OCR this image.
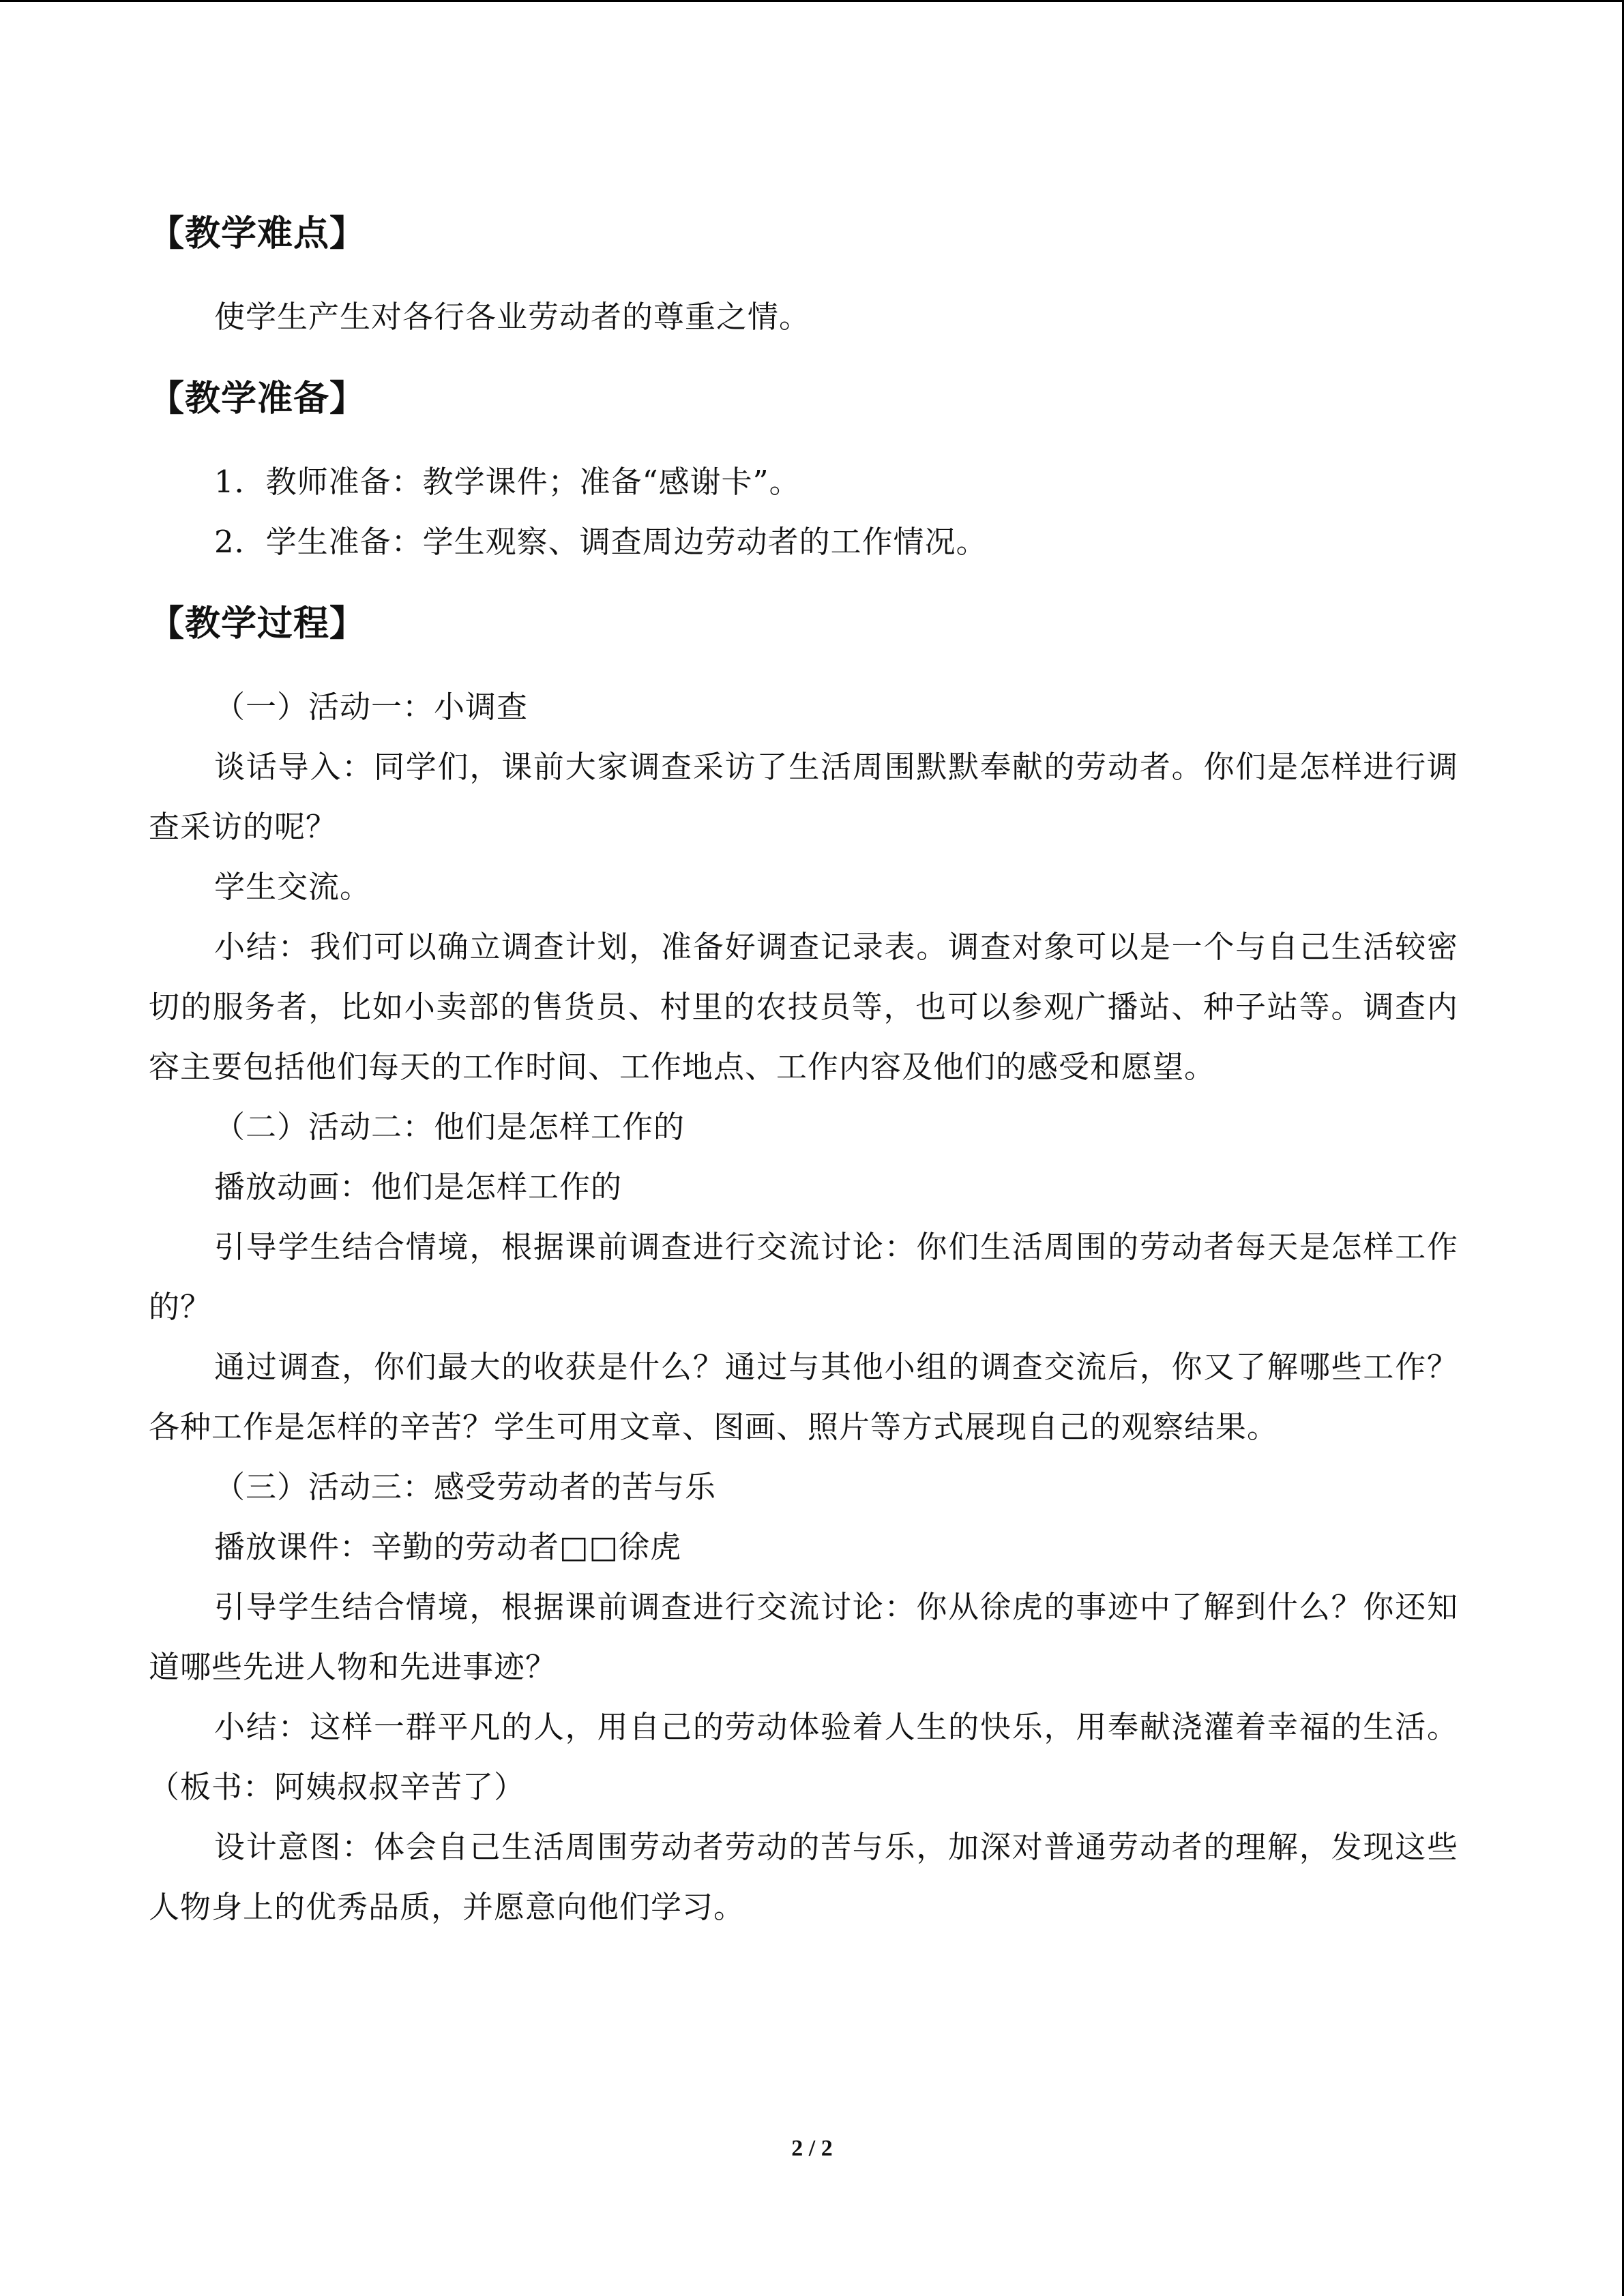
【教学难点】

使学生产生对各行各业劳动者的尊重之情。

【教学准备】

1．教师准备：教学课件；准备“感谢卡”。

2．学生准备：学生观察、调查周边劳动者的工作情况。

【教学过程】

（一）活动一：小调查

谈话导入：同学们，课前大家调查采访了生活周围默默奉献的劳动者。你们是怎样进行调查采访的呢？

学生交流。

小结：我们可以确立调查计划，准备好调查记录表。调查对象可以是一个与自己生活较密切的服务者，比如小卖部的售货员、村里的农技员等，也可以参观广播站、种子站等。调查内容主要包括他们每天的工作时间、工作地点、工作内容及他们的感受和愿望。

（二）活动二：他们是怎样工作的

播放动画：他们是怎样工作的

引导学生结合情境，根据课前调查进行交流讨论：你们生活周围的劳动者每天是怎样工作的？

通过调查，你们最大的收获是什么？通过与其他小组的调查交流后，你又了解哪些工作？各种工作是怎样的辛苦？学生可用文章、图画、照片等方式展现自己的观察结果。

（三）活动三：感受劳动者的苦与乐

播放课件：辛勤的劳动者□□徐虎

引导学生结合情境，根据课前调查进行交流讨论：你从徐虎的事迹中了解到什么？你还知道哪些先进人物和先进事迹？

小结：这样一群平凡的人，用自己的劳动体验着人生的快乐，用奉献浇灌着幸福的生活。（板书：阿姨叔叔辛苦了）

设计意图：体会自己生活周围劳动者劳动的苦与乐，加深对普通劳动者的理解，发现这些人物身上的优秀品质，并愿意向他们学习。

2 / 2
